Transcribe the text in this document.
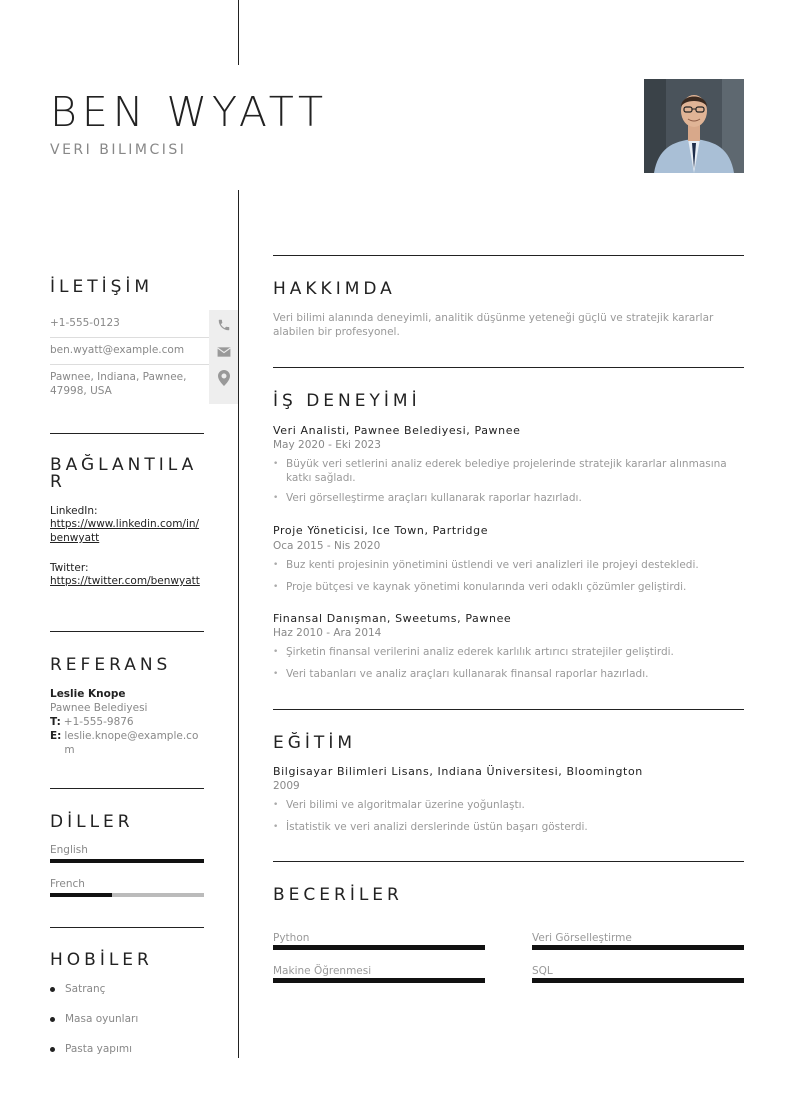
BEN WYATT
VERI BILIMCISI
İLETİŞİM
+1-555-0123
ben.wyatt@example.com
Pawnee, Indiana, Pawnee, 47998, USA
BAĞLANTILA R
LinkedIn:
https://www.linkedin.com/in/benwyatt
Twitter:
https://twitter.com/benwyatt
REFERANS
Leslie Knope
Pawnee Belediyesi
T: +1-555-9876
E: leslie.knope@example.com
DİLLER
English
French
HOBİLER
Satranç
Masa oyunları
Pasta yapımı
HAKKIMDA
Veri bilimi alanında deneyimli, analitik düşünme yeteneği güçlü ve stratejik kararlar alabilen bir profesyonel.
İŞ DENEYİMİ
Veri Analisti, Pawnee Belediyesi, Pawnee
May 2020 - Eki 2023
• Büyük veri setlerini analiz ederek belediye projelerinde stratejik kararlar alınmasına katkı sağladı.
• Veri görselleştirme araçları kullanarak raporlar hazırladı.
Proje Yöneticisi, Ice Town, Partridge
Oca 2015 - Nis 2020
• Buz kenti projesinin yönetimini üstlendi ve veri analizleri ile projeyi destekledi.
• Proje bütçesi ve kaynak yönetimi konularında veri odaklı çözümler geliştirdi.
Finansal Danışman, Sweetums, Pawnee
Haz 2010 - Ara 2014
• Şirketin finansal verilerini analiz ederek karlılık artırıcı stratejiler geliştirdi.
• Veri tabanları ve analiz araçları kullanarak finansal raporlar hazırladı.
EĞİTİM
Bilgisayar Bilimleri Lisans, Indiana Üniversitesi, Bloomington
2009
• Veri bilimi ve algoritmalar üzerine yoğunlaştı.
• İstatistik ve veri analizi derslerinde üstün başarı gösterdi.
BECERİLER
Python	Veri Görselleştirme
Makine Öğrenmesi	SQL
